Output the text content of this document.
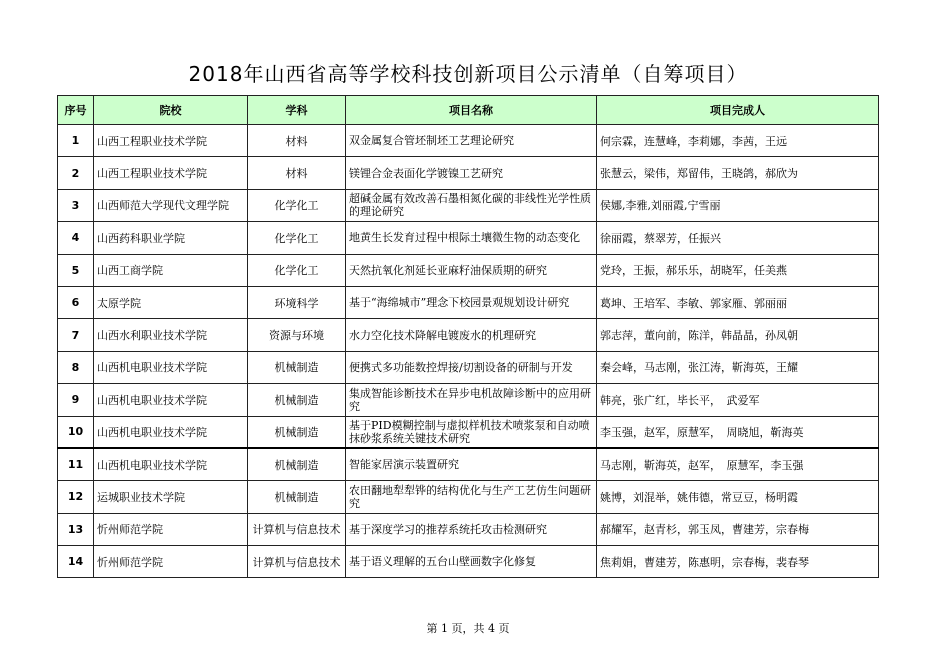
2018年山西省高等学校科技创新项目公示清单（自筹项目）
序号	院校	学科	项目名称	项目完成人
1	山西工程职业技术学院	材料	双金属复合管坯制坯工艺理论研究	何宗霖，连慧峰，李莉娜，李茜，王远
2	山西工程职业技术学院	材料	镁锂合金表面化学镀镍工艺研究	张慧云，梁伟，郑留伟，王晓鸽，郝欣为
3	山西师范大学现代文理学院	化学化工	超碱金属有效改善石墨相氮化碳的非线性光学性质的理论研究	侯娜,李雅,刘丽霞,宁雪丽
4	山西药科职业学院	化学化工	地黄生长发育过程中根际土壤微生物的动态变化	徐丽霞，蔡翠芳，任振兴
5	山西工商学院	化学化工	天然抗氧化剂延长亚麻籽油保质期的研究	党玲，王振，郝乐乐，胡晓军，任美燕
6	太原学院	环境科学	基于“海绵城市”理念下校园景观规划设计研究	葛坤、王培军、李敏、郭家雁、郭丽丽
7	山西水利职业技术学院	资源与环境	水力空化技术降解电镀废水的机理研究	郭志萍，董向前，陈洋，韩晶晶，孙凤朝
8	山西机电职业技术学院	机械制造	便携式多功能数控焊接/切割设备的研制与开发	秦会峰，马志刚，张江涛，靳海英，王耀
9	山西机电职业技术学院	机械制造	集成智能诊断技术在异步电机故障诊断中的应用研究	韩亮，张广红，毕长平，　武爱军
10	山西机电职业技术学院	机械制造	基于PID模糊控制与虚拟样机技术喷浆泵和自动喷抹砂浆系统关键技术研究	李玉强，赵军，原慧军，　周晓旭，靳海英
11	山西机电职业技术学院	机械制造	智能家居演示装置研究	马志刚，靳海英，赵军，　原慧军，李玉强
12	运城职业技术学院	机械制造	农田翻地犁犁铧的结构优化与生产工艺仿生问题研究	姚博，刘混举，姚伟德，常豆豆，杨明霞
13	忻州师范学院	计算机与信息技术	基于深度学习的推荐系统托攻击检测研究	郝耀军，赵青杉，郭玉凤，曹建芳，宗春梅
14	忻州师范学院	计算机与信息技术	基于语义理解的五台山壁画数字化修复	焦莉娟，曹建芳，陈惠明，宗春梅，裴春琴
第 1 页，共 4 页
